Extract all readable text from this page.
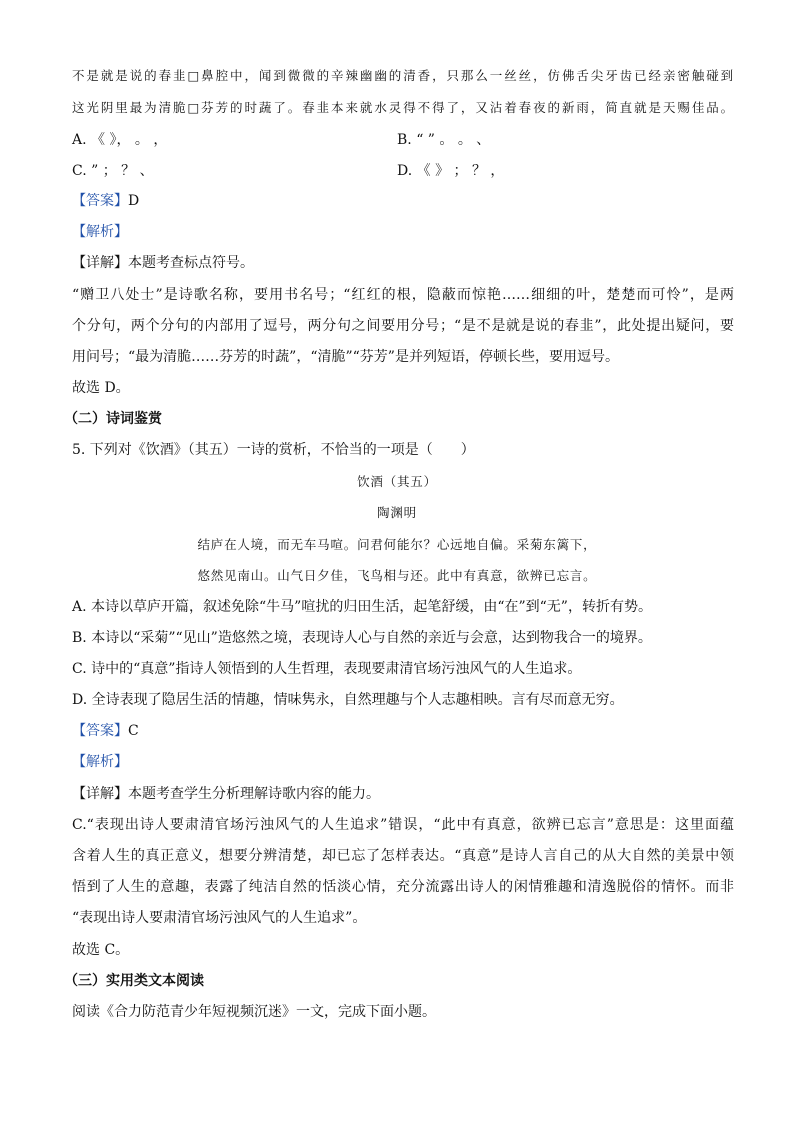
不是就是说的春韭□鼻腔中，闻到微微的辛辣幽幽的清香，只那么一丝丝，仿佛舌尖牙齿已经亲密触碰到
这光阴里最为清脆□芬芳的时蔬了。春韭本来就水灵得不得了，又沾着春夜的新雨，简直就是天赐佳品。
A. 《 》， 。 ，	B. “ ” 。 。 、
C. ” ； ？ 、	D. 《 》 ； ？ ，
【答案】D
【解析】
【详解】本题考查标点符号。
“赠卫八处士”是诗歌名称，要用书名号；“红红的根，隐蔽而惊艳……细细的叶，楚楚而可怜”，是两
个分句，两个分句的内部用了逗号，两分句之间要用分号；“是不是就是说的春韭”，此处提出疑问，要
用问号；“最为清脆……芬芳的时蔬”，“清脆”“芬芳”是并列短语，停顿长些，要用逗号。
故选 D。
（二）诗词鉴赏
5. 下列对《饮酒》（其五）一诗的赏析，不恰当的一项是（　　）
饮酒（其五）
陶渊明
结庐在人境，而无车马喧。问君何能尔？心远地自偏。采菊东篱下，
悠然见南山。山气日夕佳，飞鸟相与还。此中有真意，欲辨已忘言。
A. 本诗以草庐开篇，叙述免除“牛马”喧扰的归田生活，起笔舒缓，由“在”到“无”，转折有势。
B. 本诗以“采菊”“见山”造悠然之境，表现诗人心与自然的亲近与会意，达到物我合一的境界。
C. 诗中的“真意”指诗人领悟到的人生哲理，表现要肃清官场污浊风气的人生追求。
D. 全诗表现了隐居生活的情趣，情味隽永，自然理趣与个人志趣相映。言有尽而意无穷。
【答案】C
【解析】
【详解】本题考查学生分析理解诗歌内容的能力。
C.“表现出诗人要肃清官场污浊风气的人生追求”错误，“此中有真意，欲辨已忘言”意思是：这里面蕴
含着人生的真正意义，想要分辨清楚，却已忘了怎样表达。“真意”是诗人言自己的从大自然的美景中领
悟到了人生的意趣，表露了纯洁自然的恬淡心情，充分流露出诗人的闲情雅趣和清逸脱俗的情怀。而非
“表现出诗人要肃清官场污浊风气的人生追求”。
故选 C。
（三）实用类文本阅读
阅读《合力防范青少年短视频沉迷》一文，完成下面小题。
